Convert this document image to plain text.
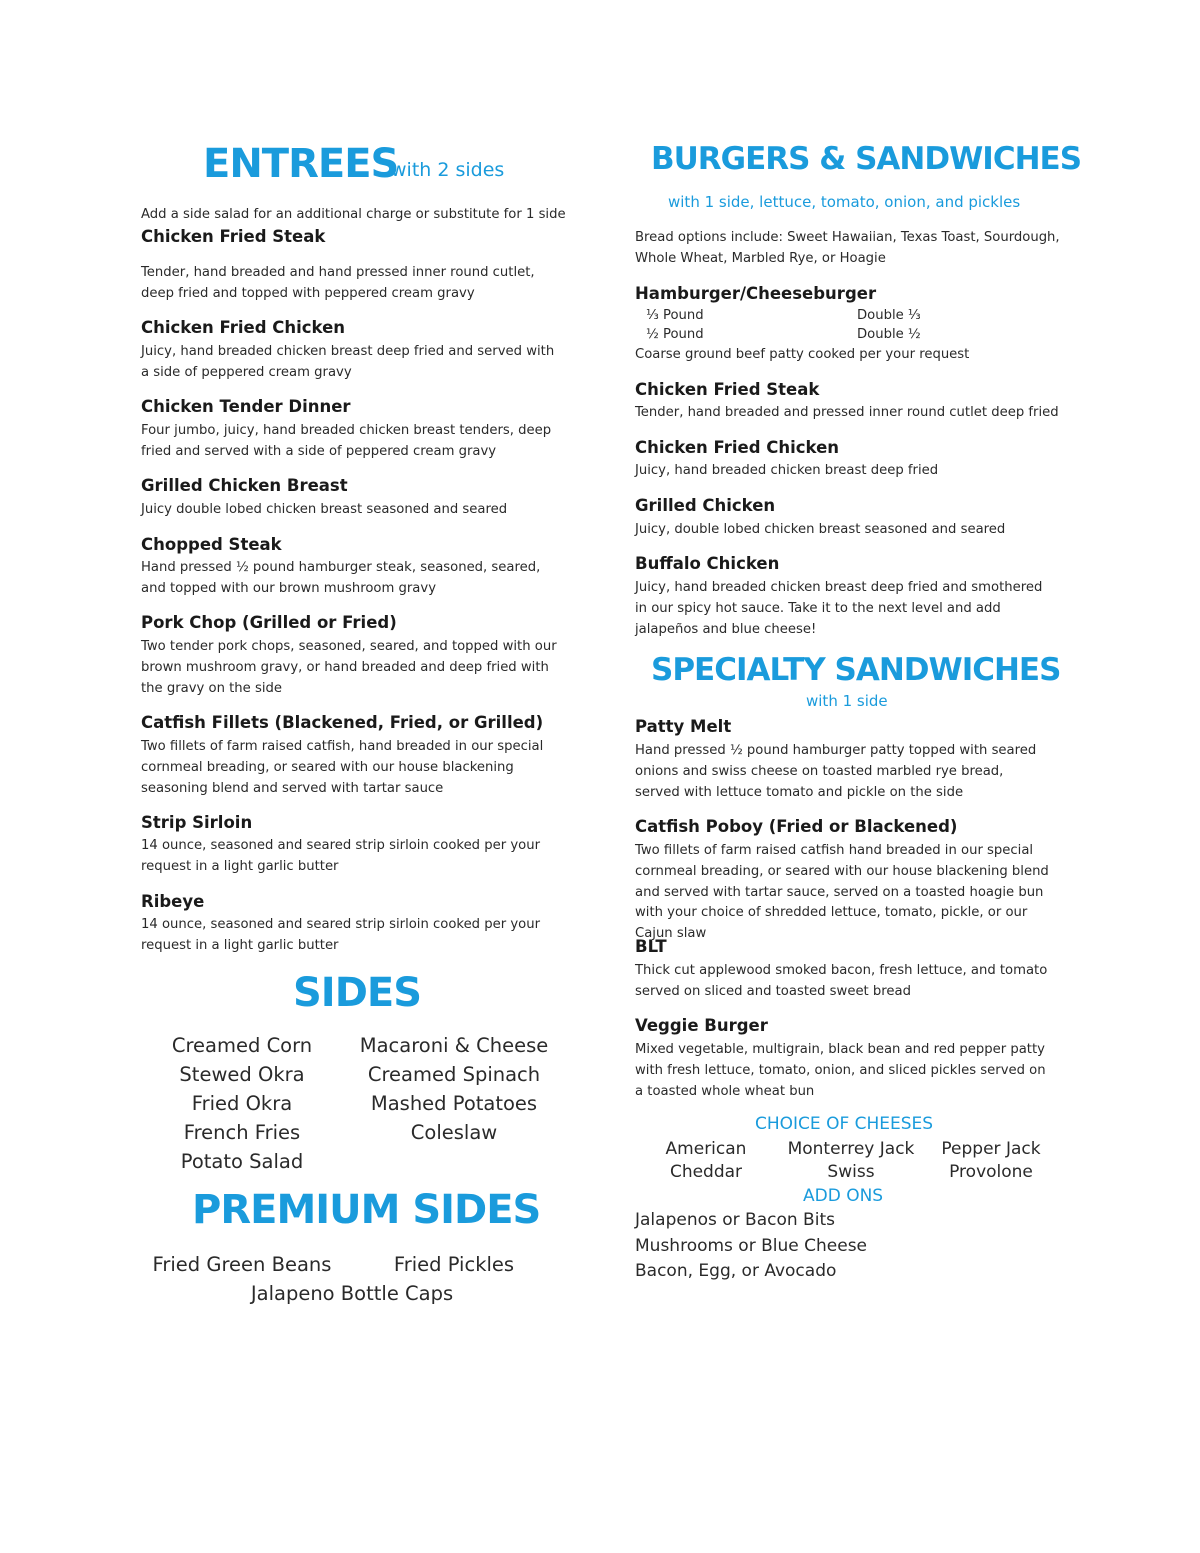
ENTREES
with 2 sides
Add a side salad for an additional charge or substitute for 1 side
Chicken Fried Steak
Tender, hand breaded and hand pressed inner round cutlet, deep fried and topped with peppered cream gravy
Chicken Fried Chicken
Juicy, hand breaded chicken breast deep fried and served with a side of peppered cream gravy
Chicken Tender Dinner
Four jumbo, juicy, hand breaded chicken breast tenders, deep fried and served with a side of peppered cream gravy
Grilled Chicken Breast
Juicy double lobed chicken breast seasoned and seared
Chopped Steak
Hand pressed ½ pound hamburger steak, seasoned, seared, and topped with our brown mushroom gravy
Pork Chop (Grilled or Fried)
Two tender pork chops, seasoned, seared, and topped with our brown mushroom gravy, or hand breaded and deep fried with the gravy on the side
Catfish Fillets (Blackened, Fried, or Grilled)
Two fillets of farm raised catfish, hand breaded in our special cornmeal breading, or seared with our house blackening seasoning blend and served with tartar sauce
Strip Sirloin
14 ounce, seasoned and seared strip sirloin cooked per your request in a light garlic butter
Ribeye
14 ounce, seasoned and seared strip sirloin cooked per your request in a light garlic butter
SIDES
Creamed Corn
Stewed Okra
Fried Okra
French Fries
Potato Salad
Macaroni & Cheese
Creamed Spinach
Mashed Potatoes
Coleslaw
PREMIUM SIDES
Fried Green Beans	Fried Pickles
Jalapeno Bottle Caps
BURGERS & SANDWICHES
with 1 side, lettuce, tomato, onion, and pickles
Bread options include: Sweet Hawaiian, Texas Toast, Sourdough, Whole Wheat, Marbled Rye, or Hoagie
Hamburger/Cheeseburger
⅓ Pound	Double ⅓
½ Pound	Double ½
Coarse ground beef patty cooked per your request
Chicken Fried Steak
Tender, hand breaded and pressed inner round cutlet deep fried
Chicken Fried Chicken
Juicy, hand breaded chicken breast deep fried
Grilled Chicken
Juicy, double lobed chicken breast seasoned and seared
Buffalo Chicken
Juicy, hand breaded chicken breast deep fried and smothered in our spicy hot sauce. Take it to the next level and add jalapeños and blue cheese!
SPECIALTY SANDWICHES
with 1 side
Patty Melt
Hand pressed ½ pound hamburger patty topped with seared onions and swiss cheese on toasted marbled rye bread, served with lettuce tomato and pickle on the side
Catfish Poboy (Fried or Blackened)
Two fillets of farm raised catfish hand breaded in our special cornmeal breading, or seared with our house blackening blend and served with tartar sauce, served on a toasted hoagie bun with your choice of shredded lettuce, tomato, pickle, or our Cajun slaw
BLT
Thick cut applewood smoked bacon, fresh lettuce, and tomato served on sliced and toasted sweet bread
Veggie Burger
Mixed vegetable, multigrain, black bean and red pepper patty with fresh lettuce, tomato, onion, and sliced pickles served on a toasted whole wheat bun
CHOICE OF CHEESES
American	Monterrey Jack	Pepper Jack
Cheddar	Swiss	Provolone
ADD ONS
Jalapenos or Bacon Bits
Mushrooms or Blue Cheese
Bacon, Egg, or Avocado
